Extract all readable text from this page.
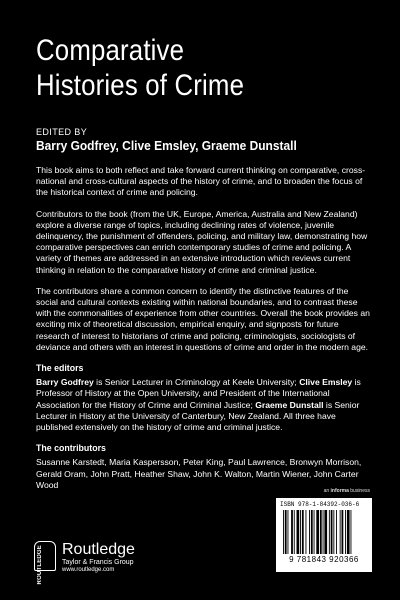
Comparative
Histories of Crime
EDITED BY
Barry Godfrey, Clive Emsley, Graeme Dunstall

This book aims to both reflect and take forward current thinking on comparative, cross-national and cross-cultural aspects of the history of crime, and to broaden the focus of the historical context of crime and policing.

Contributors to the book (from the UK, Europe, America, Australia and New Zealand) explore a diverse range of topics, including declining rates of violence, juvenile delinquency, the punishment of offenders, policing, and military law, demonstrating how comparative perspectives can enrich contemporary studies of crime and policing. A variety of themes are addressed in an extensive introduction which reviews current thinking in relation to the comparative history of crime and criminal justice.

The contributors share a common concern to identify the distinctive features of the social and cultural contexts existing within national boundaries, and to contrast these with the commonalities of experience from other countries. Overall the book provides an exciting mix of theoretical discussion, empirical enquiry, and signposts for future research of interest to historians of crime and policing, criminologists, sociologists of deviance and others with an interest in questions of crime and order in the modern age.

The editors

Barry Godfrey is Senior Lecturer in Criminology at Keele University; Clive Emsley is Professor of History at the Open University, and President of the International Association for the History of Crime and Criminal Justice; Graeme Dunstall is Senior Lecturer in History at the University of Canterbury, New Zealand. All three have published extensively on the history of crime and criminal justice.

The contributors

Susanne Karstedt, Maria Kaspersson, Peter King, Paul Lawrence, Bronwyn Morrison, Gerald Oram, John Pratt, Heather Shaw, John K. Walton, Martin Wiener, John Carter Wood

an informa business
ISBN 978-1-84392-036-6
9 781843 920366
ROUTLEDGE Routledge
Taylor & Francis Group
www.routledge.com
